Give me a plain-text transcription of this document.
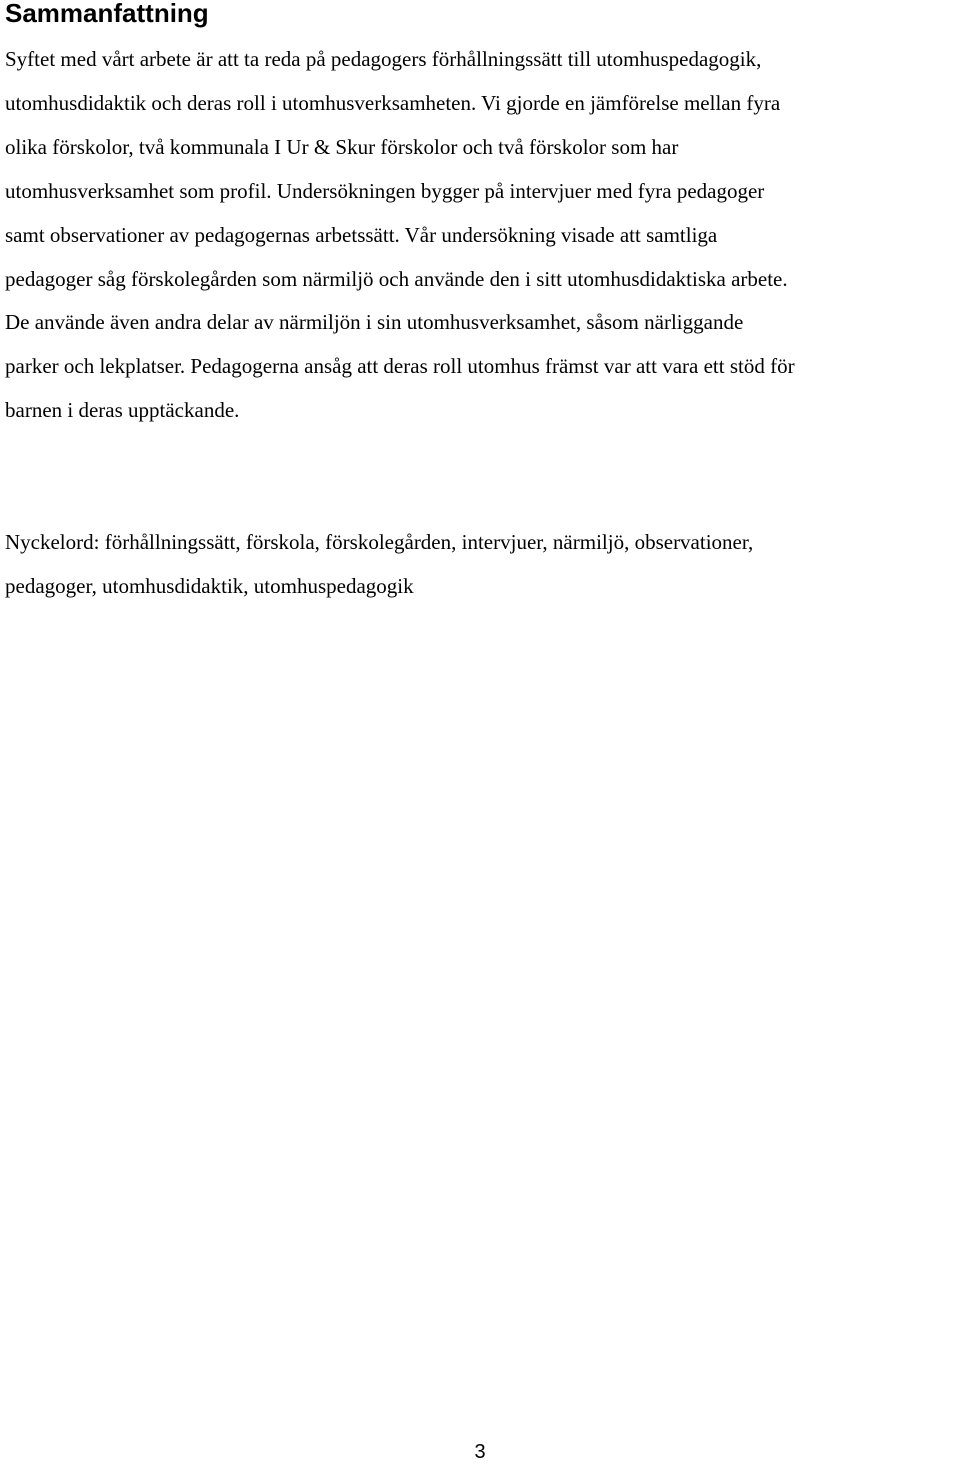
Sammanfattning
Syftet med vårt arbete är att ta reda på pedagogers förhållningssätt till utomhuspedagogik,
utomhusdidaktik och deras roll i utomhusverksamheten. Vi gjorde en jämförelse mellan fyra
olika förskolor, två kommunala I Ur & Skur förskolor och två förskolor som har
utomhusverksamhet som profil. Undersökningen bygger på intervjuer med fyra pedagoger
samt observationer av pedagogernas arbetssätt. Vår undersökning visade att samtliga
pedagoger såg förskolegården som närmiljö och använde den i sitt utomhusdidaktiska arbete.
De använde även andra delar av närmiljön i sin utomhusverksamhet, såsom närliggande
parker och lekplatser. Pedagogerna ansåg att deras roll utomhus främst var att vara ett stöd för
barnen i deras upptäckande.
Nyckelord: förhållningssätt, förskola, förskolegården, intervjuer, närmiljö, observationer,
pedagoger, utomhusdidaktik, utomhuspedagogik
3
